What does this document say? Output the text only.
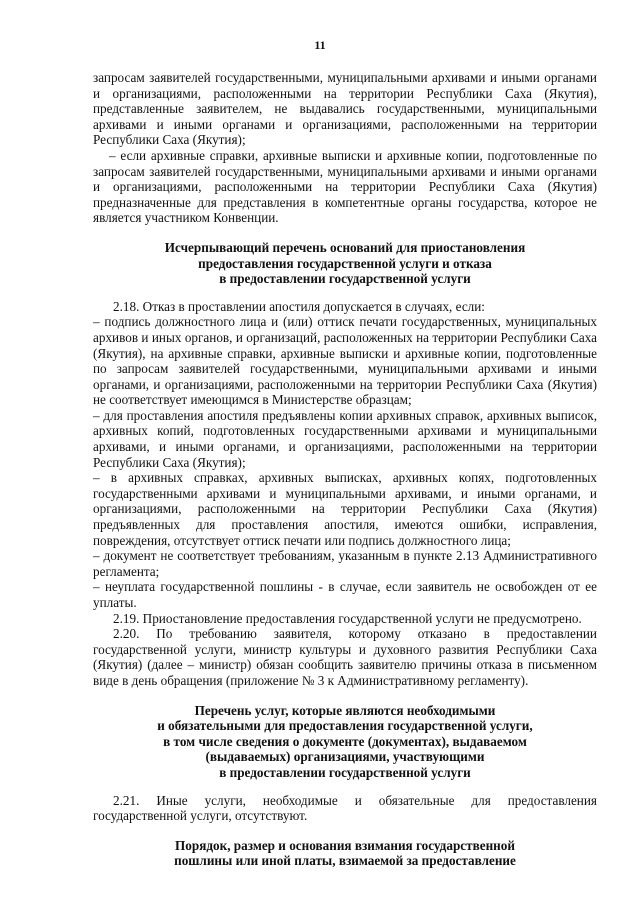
11

запросам заявителей государственными, муниципальными архивами и иными органами и организациями, расположенными на территории Республики Саха (Якутия), представленные заявителем, не выдавались государственными, муниципальными архивами и иными органами и организациями, расположенными на территории Республики Саха (Якутия);

– если архивные справки, архивные выписки и архивные копии, подготовленные по запросам заявителей государственными, муниципальными архивами и иными органами и организациями, расположенными на территории Республики Саха (Якутия) предназначенные для представления в компетентные органы государства, которое не является участником Конвенции.

Исчерпывающий перечень оснований для приостановления
предоставления государственной услуги и отказа
в предоставлении государственной услуги

2.18. Отказ в проставлении апостиля допускается в случаях, если:

– подпись должностного лица и (или) оттиск печати государственных, муниципальных архивов и иных органов, и организаций, расположенных на территории Республики Саха (Якутия), на архивные справки, архивные выписки и архивные копии, подготовленные по запросам заявителей государственными, муниципальными архивами и иными органами, и организациями, расположенными на территории Республики Саха (Якутия) не соответствует имеющимся в Министерстве образцам;

– для проставления апостиля предъявлены копии архивных справок, архивных выписок, архивных копий, подготовленных государственными архивами и муниципальными архивами, и иными органами, и организациями, расположенными на территории Республики Саха (Якутия);

– в архивных справках, архивных выписках, архивных копях, подготовленных государственными архивами и муниципальными архивами, и иными органами, и организациями, расположенными на территории Республики Саха (Якутия) предъявленных для проставления апостиля, имеются ошибки, исправления, повреждения, отсутствует оттиск печати или подпись должностного лица;

– документ не соответствует требованиям, указанным в пункте 2.13 Административного регламента;

– неуплата государственной пошлины - в случае, если заявитель не освобожден от ее уплаты.

2.19. Приостановление предоставления государственной услуги не предусмотрено.

2.20. По требованию заявителя, которому отказано в предоставлении государственной услуги, министр культуры и духовного развития Республики Саха (Якутия) (далее – министр) обязан сообщить заявителю причины отказа в письменном виде в день обращения (приложение № 3 к Административному регламенту).

Перечень услуг, которые являются необходимыми
и обязательными для предоставления государственной услуги,
в том числе сведения о документе (документах), выдаваемом
(выдаваемых) организациями, участвующими
в предоставлении государственной услуги

2.21. Иные услуги, необходимые и обязательные для предоставления государственной услуги, отсутствуют.

Порядок, размер и основания взимания государственной
пошлины или иной платы, взимаемой за предоставление
